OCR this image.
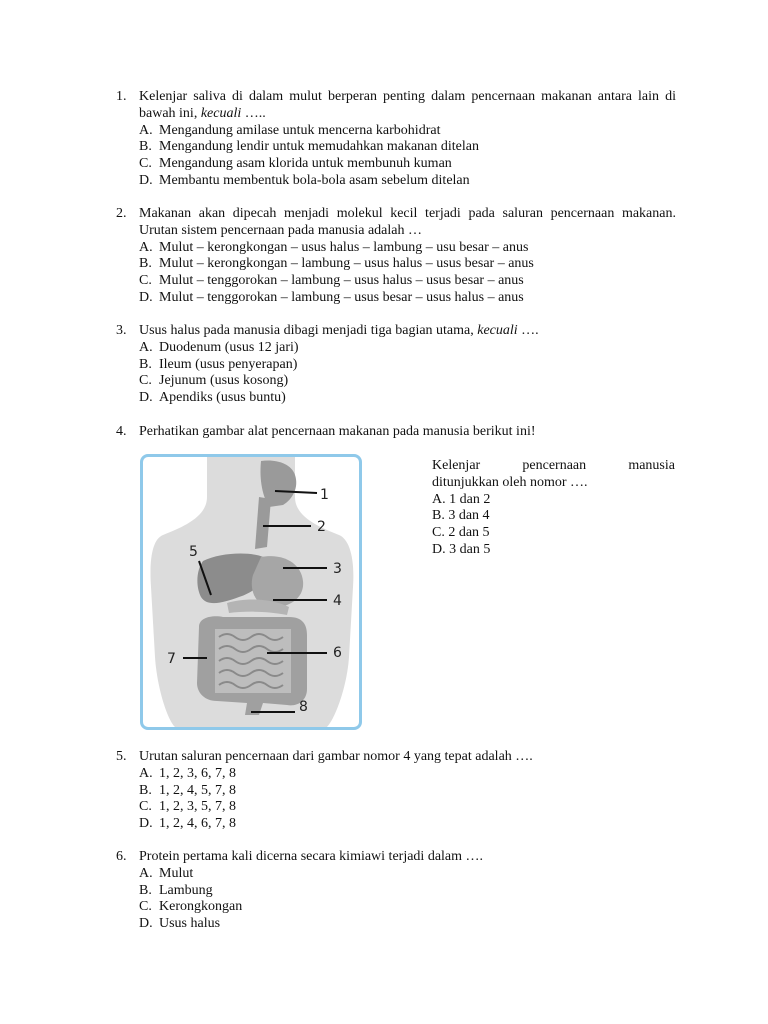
1. Kelenjar saliva di dalam mulut berperan penting dalam pencernaan makanan antara lain di bawah ini, kecuali …..
A. Mengandung amilase untuk mencerna karbohidrat
B. Mengandung lendir untuk memudahkan makanan ditelan
C. Mengandung asam klorida untuk membunuh kuman
D. Membantu membentuk bola-bola asam sebelum ditelan
2. Makanan akan dipecah menjadi molekul kecil terjadi pada saluran pencernaan makanan. Urutan sistem pencernaan pada manusia adalah …
A. Mulut – kerongkongan – usus halus – lambung – usu besar – anus
B. Mulut – kerongkongan – lambung – usus halus – usus besar – anus
C. Mulut – tenggorokan – lambung – usus halus – usus besar – anus
D. Mulut – tenggorokan – lambung – usus besar – usus halus – anus
3. Usus halus pada manusia dibagi menjadi tiga bagian utama, kecuali ….
A. Duodenum (usus 12 jari)
B. Ileum (usus penyerapan)
C. Jejunum (usus kosong)
D. Apendiks (usus buntu)
4. Perhatikan gambar alat pencernaan makanan pada manusia berikut ini!
1
2
3
4
5
6
7
8
Kelenjar pencernaan manusia
ditunjukkan oleh nomor ….
A. 1 dan 2
B. 3 dan 4
C. 2 dan 5
D. 3 dan 5
5. Urutan saluran pencernaan dari gambar nomor 4 yang tepat adalah ….
A. 1, 2, 3, 6, 7, 8
B. 1, 2, 4, 5, 7, 8
C. 1, 2, 3, 5, 7, 8
D. 1, 2, 4, 6, 7, 8
6. Protein pertama kali dicerna secara kimiawi terjadi dalam ….
A. Mulut
B. Lambung
C. Kerongkongan
D. Usus halus
